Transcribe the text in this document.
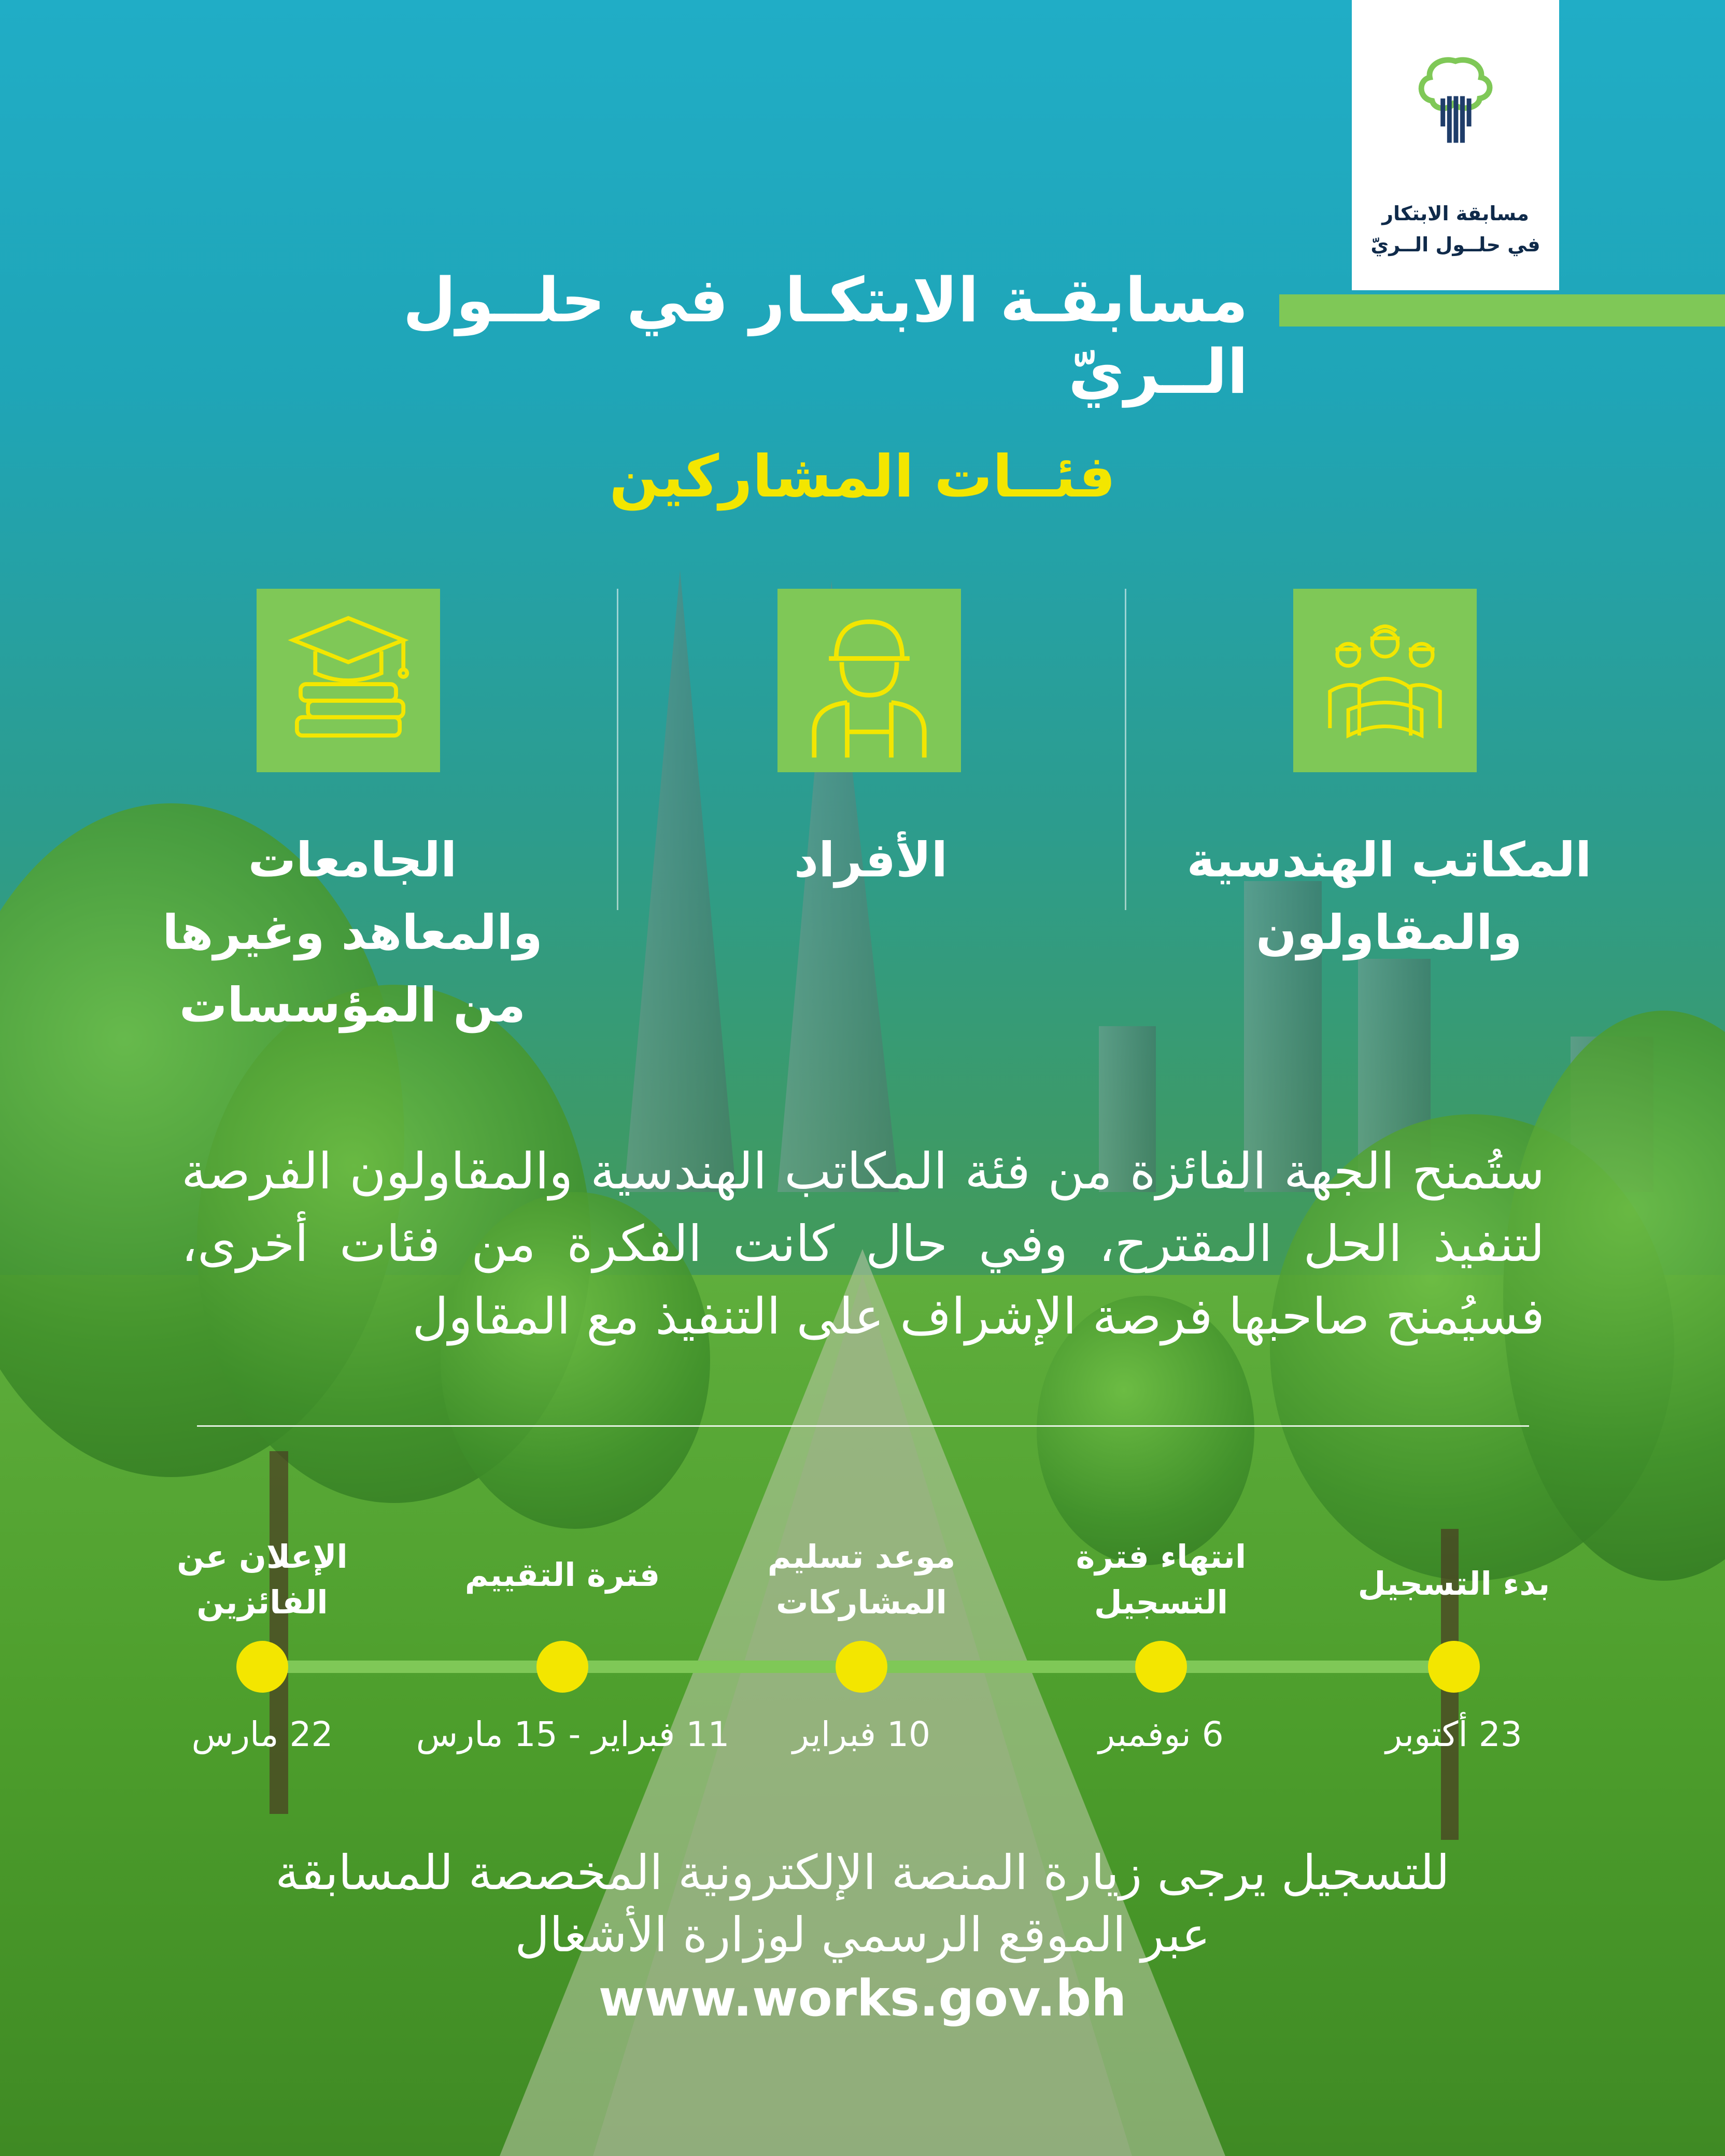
مسابقة الابتكار
في حلــول الــريّ
مسابقـة الابتكـار في حلــول الــريّ
فئــات المشاركين
المكاتب الهندسية
والمقاولون
الأفراد
الجامعات
والمعاهد وغيرها
من المؤسسات
ستُمنح الجهة الفائزة من فئة المكاتب الهندسية والمقاولون الفرصة لتنفيذ الحل المقترح، وفي حال كانت الفكرة من فئات أخرى، فسيُمنح صاحبها فرصة الإشراف على التنفيذ مع المقاول
بدء التسجيل
انتهاء فترة
التسجيل
موعد تسليم
المشاركات
فترة التقييم
الإعلان عن
الفائزين
23 أكتوبر
6 نوفمبر
10 فبراير
11 فبراير - 15 مارس
22 مارس
للتسجيل يرجى زيارة المنصة الإلكترونية المخصصة للمسابقة
عبر الموقع الرسمي لوزارة الأشغال
www.works.gov.bh
